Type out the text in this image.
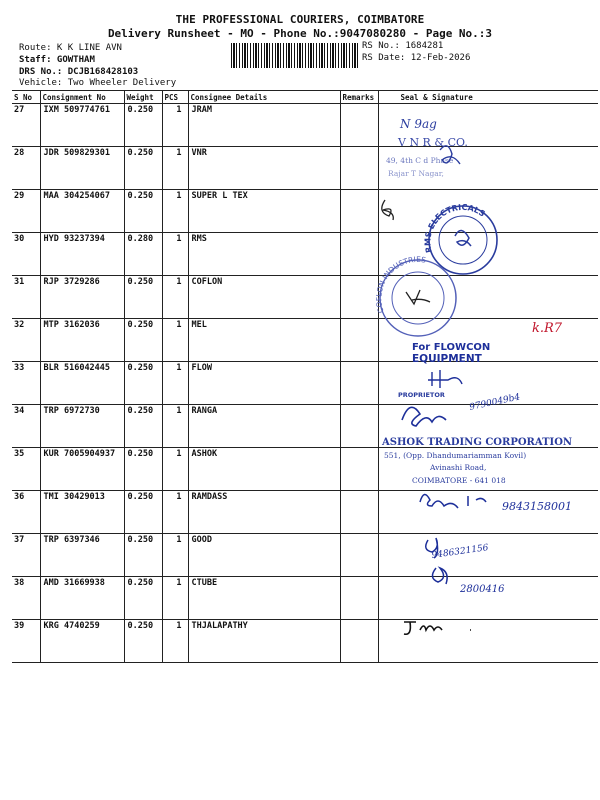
THE PROFESSIONAL COURIERS, COIMBATORE
Delivery Runsheet - MO - Phone No.:9047080280 - Page No.:3
Route: K K LINE AVN
Staff: GOWTHAM
DRS No.: DCJB168428103
Vehicle: Two Wheeler Delivery
RS No.: 1684281
RS Date: 12-Feb-2026
S No	Consignment No	Weight	PCS	Consignee Details	Remarks	Seal & Signature
27	IXM 509774761	0.250	1	JRAM		
28	JDR 509829301	0.250	1	VNR		
29	MAA 304254067	0.250	1	SUPER L TEX		
30	HYD 93237394	0.280	1	RMS		
31	RJP 3729286	0.250	1	COFLON		
32	MTP 3162036	0.250	1	MEL		
33	BLR 516042445	0.250	1	FLOW		
34	TRP 6972730	0.250	1	RANGA		
35	KUR 7005904937	0.250	1	ASHOK		
36	TMI 30429013	0.250	1	RAMDASS		
37	TRP 6397346	0.250	1	GOOD		
38	AMD 31669938	0.250	1	CTUBE		
39	KRG 4740259	0.250	1	THJALAPATHY		
N 9ag
V N R & CO.
49, 4th C d Phase
Rajar T Nagar,
RMS ELECTRICALS
COFLON INDUSTRIES
k.R7
For FLOWCON
EQUIPMENT
PROPRIETOR	9790049b4
ASHOK TRADING CORPORATION
551, (Opp. Dhandumariamman Kovil)
Avinashi Road,
COIMBATORE - 641 018
9843158001
9486321156
2800416
